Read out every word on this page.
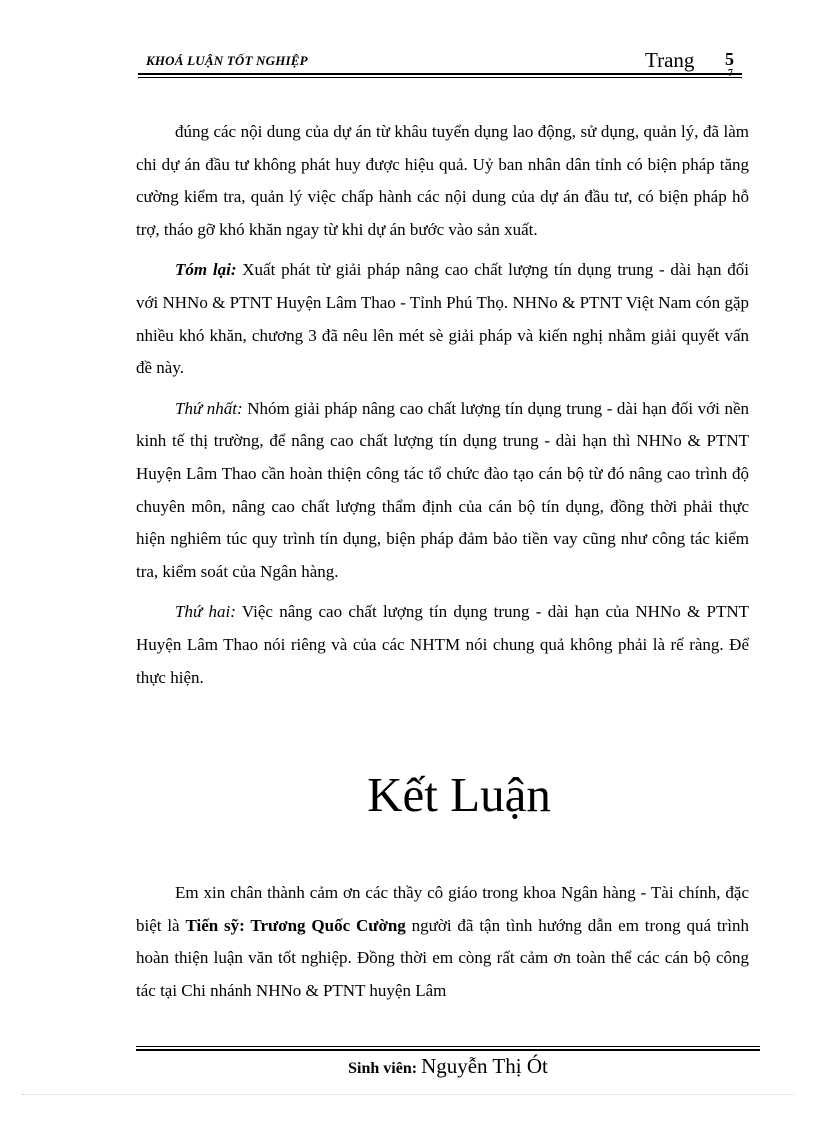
KHOÁ LUẬN TỐT NGHIỆP	Trang 5

đúng các nội dung của dự án từ khâu tuyển dụng lao động, sử dụng, quản lý, đã làm chi dự án đầu tư không phát huy được hiệu quả. Uỷ ban nhân dân tỉnh có biện pháp tăng cường kiểm tra, quản lý việc chấp hành các nội dung của dự án đầu tư, có biện pháp hỗ trợ, tháo gỡ khó khăn ngay từ khi dự án bước vào sản xuất.

Tóm lại: Xuất phát từ giải pháp nâng cao chất lượng tín dụng trung - dài hạn đối với NHNo & PTNT Huyện Lâm Thao - Tỉnh Phú Thọ. NHNo & PTNT Việt Nam cón gặp nhiều khó khăn, chương 3 đã nêu lên mét sè giải pháp và kiến nghị nhằm giải quyết vấn đề này.

Thứ nhất: Nhóm giải pháp nâng cao chất lượng tín dụng trung - dài hạn đối với nền kinh tế thị trường, để nâng cao chất lượng tín dụng trung - dài hạn thì NHNo & PTNT Huyện Lâm Thao cần hoàn thiện công tác tổ chức đào tạo cán bộ từ đó nâng cao trình độ chuyên môn, nâng cao chất lượng thẩm định của cán bộ tín dụng, đồng thời phải thực hiện nghiêm túc quy trình tín dụng, biện pháp đảm bảo tiền vay cũng như công tác kiểm tra, kiểm soát của Ngân hàng.

Thứ hai: Việc nâng cao chất lượng tín dụng trung - dài hạn của NHNo & PTNT Huyện Lâm Thao nói riêng và của các NHTM nói chung quả không phải là rế ràng. Để thực hiện.

Kết Luận

Em xin chân thành cảm ơn các thầy cô giáo trong khoa Ngân hàng - Tài chính, đặc biệt là Tiến sỹ: Trương Quốc Cường người đã tận tình hướng dẫn em trong quá trình hoàn thiện luận văn tốt nghiệp. Đồng thời em còng rất cảm ơn toàn thể các cán bộ công tác tại Chi nhánh NHNo & PTNT huyện Lâm

Sinh viên: Nguyễn Thị Ót
